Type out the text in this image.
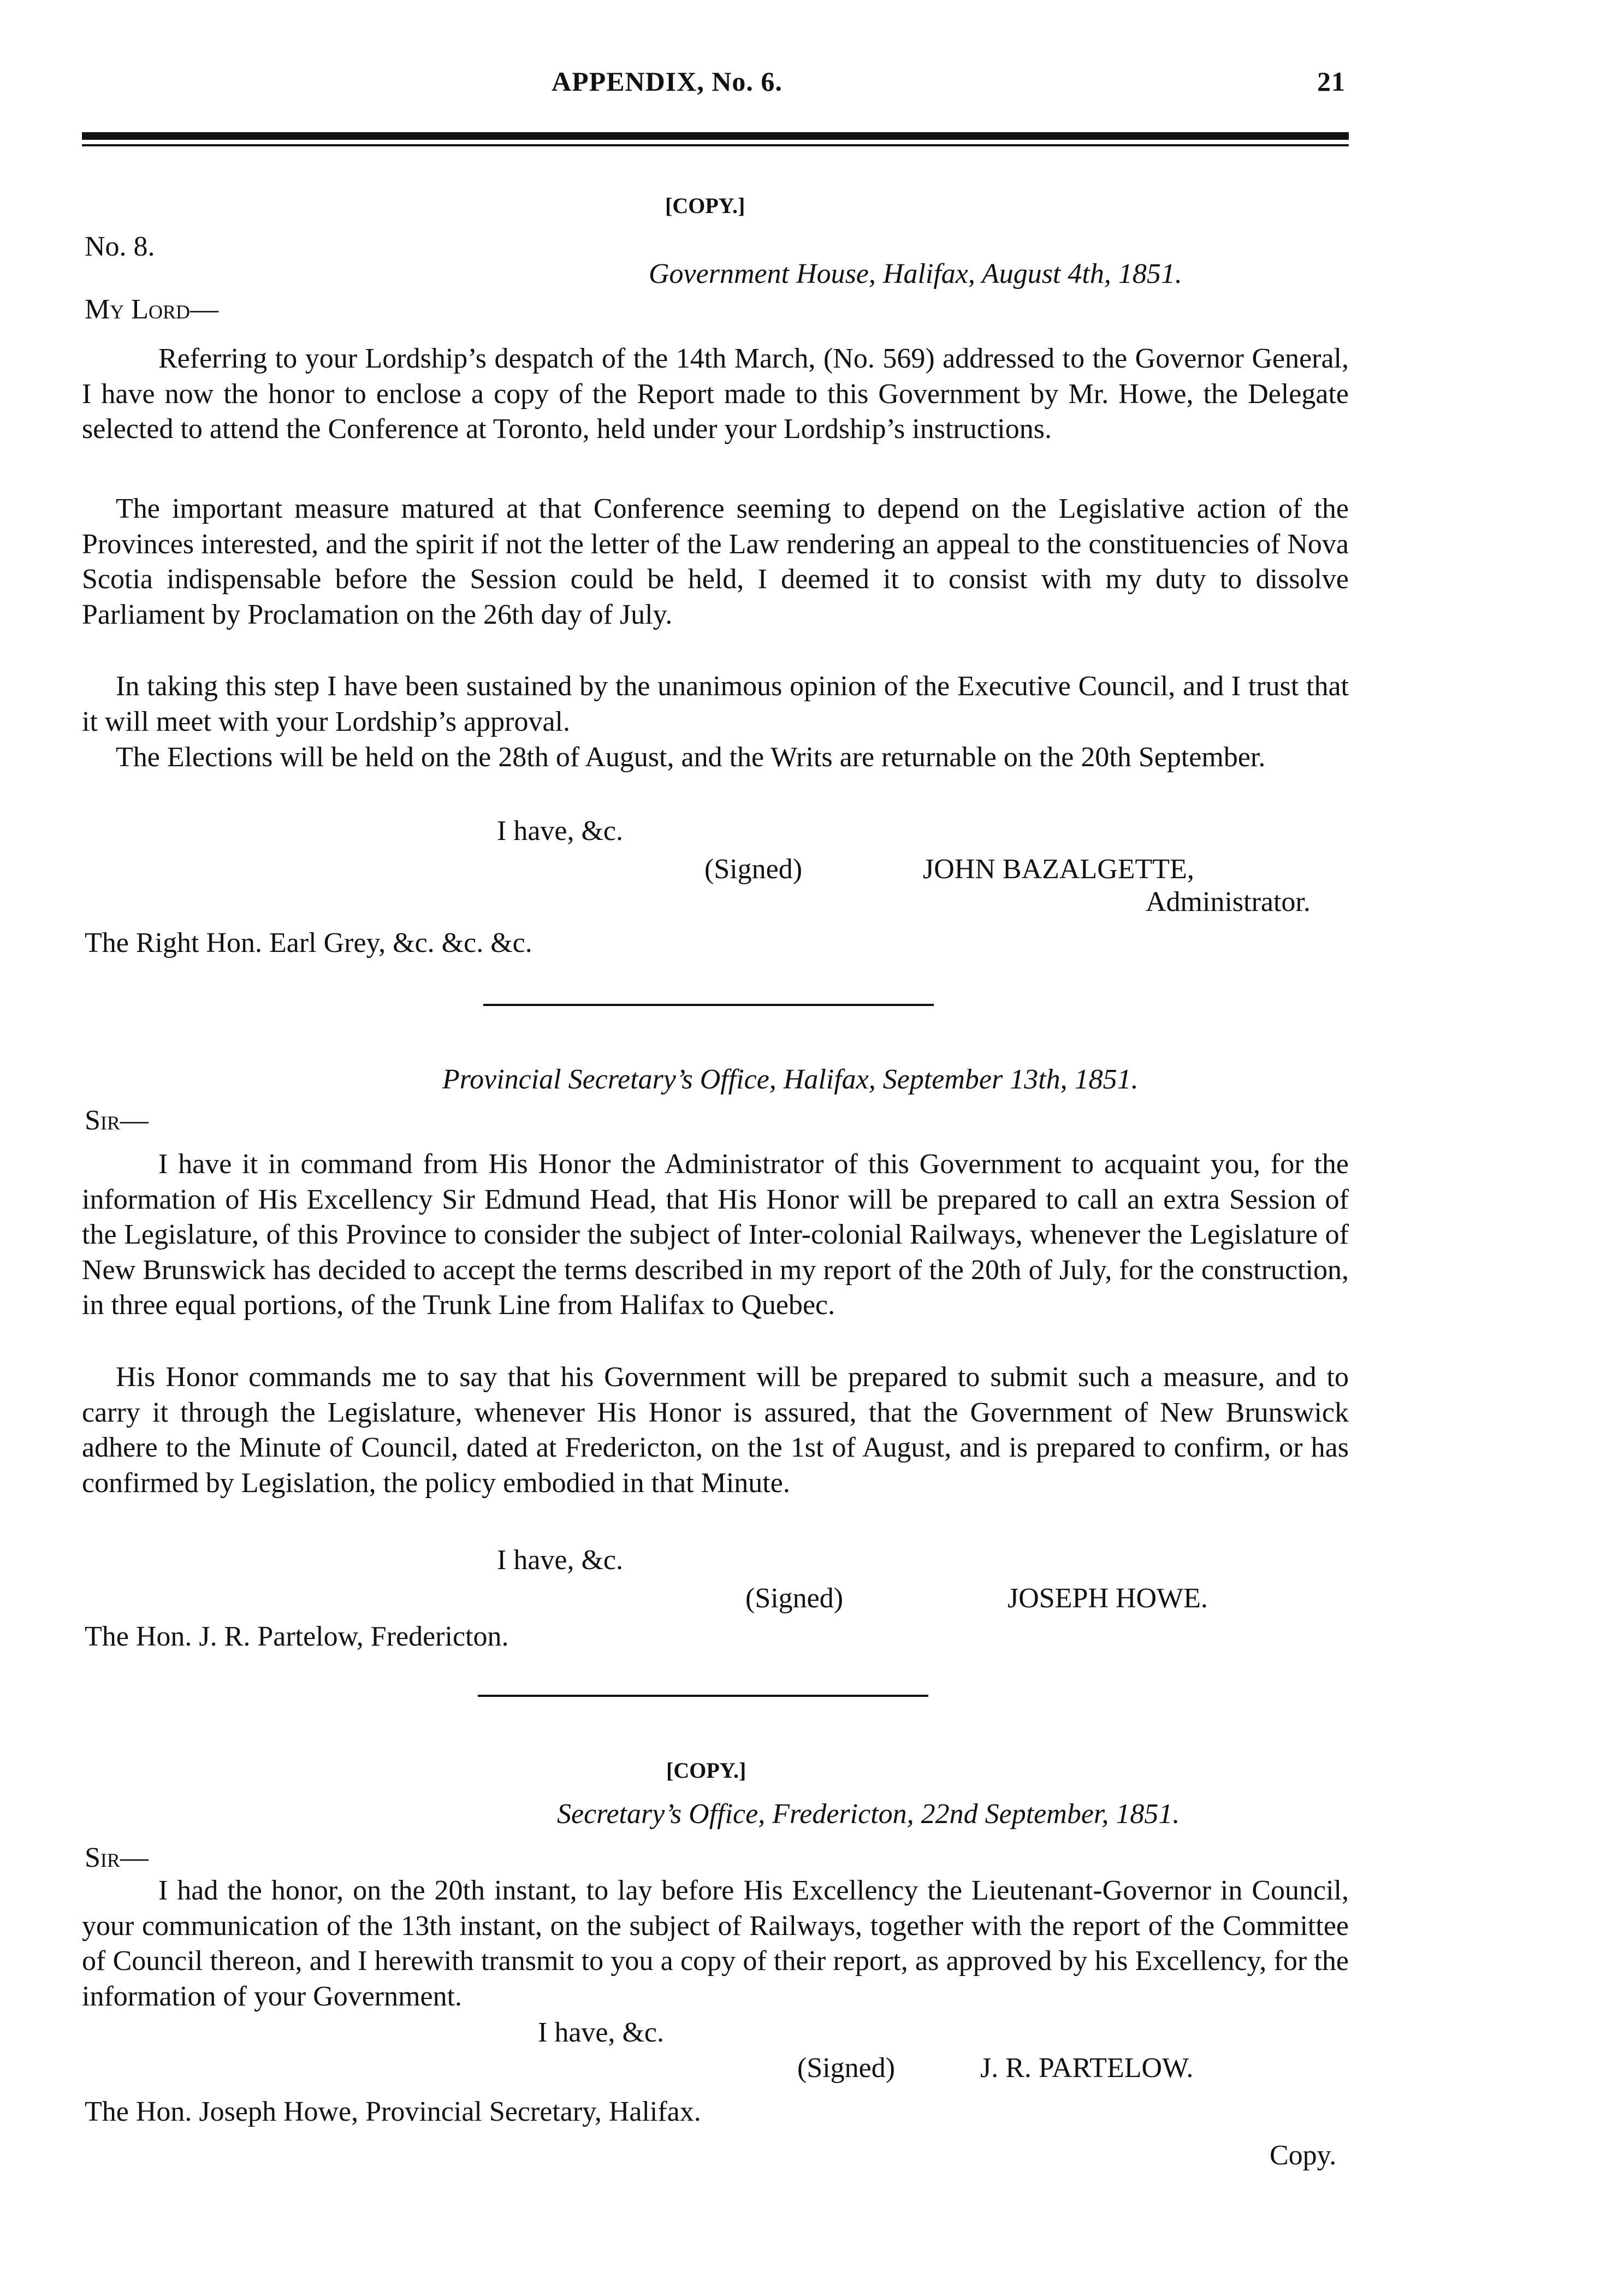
APPENDIX, No. 6.	21
[COPY.]
No. 8.
Government House, Halifax, August 4th, 1851.
My Lord—

Referring to your Lordship’s despatch of the 14th March, (No. 569) addressed to the Governor General, I have now the honor to enclose a copy of the Report made to this Government by Mr. Howe, the Delegate selected to attend the Conference at Toronto, held under your Lordship’s instructions.

The important measure matured at that Conference seeming to depend on the Legislative action of the Provinces interested, and the spirit if not the letter of the Law rendering an appeal to the constituencies of Nova Scotia indispensable before the Session could be held, I deemed it to consist with my duty to dissolve Parliament by Proclamation on the 26th day of July.

In taking this step I have been sustained by the unanimous opinion of the Executive Council, and I trust that it will meet with your Lordship’s approval.

The Elections will be held on the 28th of August, and the Writs are returnable on the 20th September.

I have, &c.
(Signed)	JOHN BAZALGETTE,
Administrator.
The Right Hon. Earl Grey, &c. &c. &c.
Provincial Secretary’s Office, Halifax, September 13th, 1851.
Sir—

I have it in command from His Honor the Administrator of this Government to acquaint you, for the information of His Excellency Sir Edmund Head, that His Honor will be prepared to call an extra Session of the Legislature, of this Province to consider the subject of Inter-colonial Railways, whenever the Legislature of New Brunswick has decided to accept the terms described in my report of the 20th of July, for the construction, in three equal portions, of the Trunk Line from Halifax to Quebec.

His Honor commands me to say that his Government will be prepared to submit such a measure, and to carry it through the Legislature, whenever His Honor is assured, that the Government of New Brunswick adhere to the Minute of Council, dated at Fredericton, on the 1st of August, and is prepared to confirm, or has confirmed by Legislation, the policy embodied in that Minute.

I have, &c.
(Signed)	JOSEPH HOWE.
The Hon. J. R. Partelow, Fredericton.
[COPY.]
Secretary’s Office, Fredericton, 22nd September, 1851.
Sir—

I had the honor, on the 20th instant, to lay before His Excellency the Lieutenant-Governor in Council, your communication of the 13th instant, on the subject of Railways, together with the report of the Committee of Council thereon, and I herewith transmit to you a copy of their report, as approved by his Excellency, for the information of your Government.

I have, &c.
(Signed)	J. R. PARTELOW.
The Hon. Joseph Howe, Provincial Secretary, Halifax.
Copy.
